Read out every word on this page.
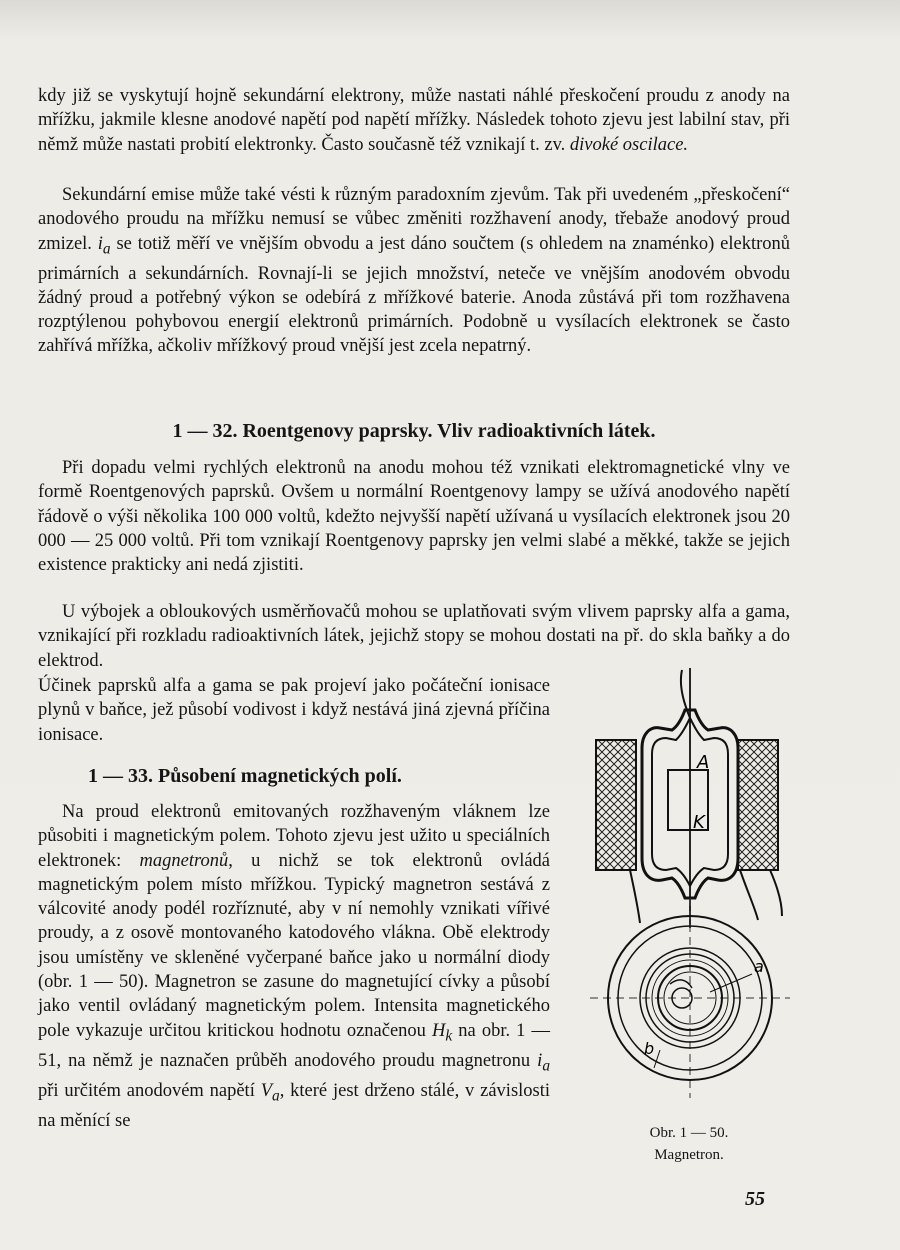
kdy již se vyskytují hojně sekundární elektrony, může nastati náhlé přeskočení proudu z anody na mřížku, jakmile klesne anodové napětí pod napětí mřížky. Následek tohoto zjevu jest labilní stav, při němž může nastati probití elektronky. Často současně též vznikají t. zv. divoké oscilace.

Sekundární emise může také vésti k různým paradoxním zjevům. Tak při uvedeném „přeskočení“ anodového proudu na mřížku nemusí se vůbec změniti rozžhavení anody, třebaže anodový proud zmizel. $i_a$ se totiž měří ve vnějším obvodu a jest dáno součtem (s ohledem na znaménko) elektronů primárních a sekundárních. Rovnají-li se jejich množství, neteče ve vnějším anodovém obvodu žádný proud a potřebný výkon se odebírá z mřížkové baterie. Anoda zůstává při tom rozžhavena rozptýlenou pohybovou energií elektronů primárních. Podobně u vysílacích elektronek se často zahřívá mřížka, ačkoliv mřížkový proud vnější jest zcela nepatrný.

1 — 32. Roentgenovy paprsky. Vliv radioaktivních látek.

Při dopadu velmi rychlých elektronů na anodu mohou též vznikati elektromagnetické vlny ve formě Roentgenových paprsků. Ovšem u normální Roentgenovy lampy se užívá anodového napětí řádově o výši několika 100 000 voltů, kdežto nejvyšší napětí užívaná u vysílacích elektronek jsou 20 000 — 25 000 voltů. Při tom vznikají Roentgenovy paprsky jen velmi slabé a měkké, takže se jejich existence prakticky ani nedá zjistiti.

U výbojek a obloukových usměrňovačů mohou se uplatňovati svým vlivem paprsky alfa a gama, vznikající při rozkladu radioaktivních látek, jejichž stopy se mohou dostati na př. do skla baňky a do elektrod.

Účinek paprsků alfa a gama se pak projeví jako počáteční ionisace plynů v baňce, jež působí vodivost i když nestává jiná zjevná příčina ionisace.

1 — 33. Působení magnetických polí.

Na proud elektronů emitovaných rozžhaveným vláknem lze působiti i magnetickým polem. Tohoto zjevu jest užito u speciálních elektronek: magnetronů, u nichž se tok elektronů ovládá magnetickým polem místo mřížkou. Typický magnetron sestává z válcovité anody podél rozříznuté, aby v ní nemohly vznikati vířivé proudy, a z osově montovaného katodového vlákna. Obě elektrody jsou umístěny ve skleněné vyčerpané baňce jako u normální diody (obr. 1 — 50). Magnetron se zasune do magnetující cívky a působí jako ventil ovládaný magnetickým polem. Intensita magnetického pole vykazuje určitou kritickou hodnotu označenou $H_k$ na obr. 1 — 51, na němž je naznačen průběh anodového proudu magnetronu $i_a$ při určitém anodovém napětí $V_a$, které jest drženo stálé, v závislosti na měnící se

A
K
a
b
Obr. 1 — 50.
Magnetron.
55
